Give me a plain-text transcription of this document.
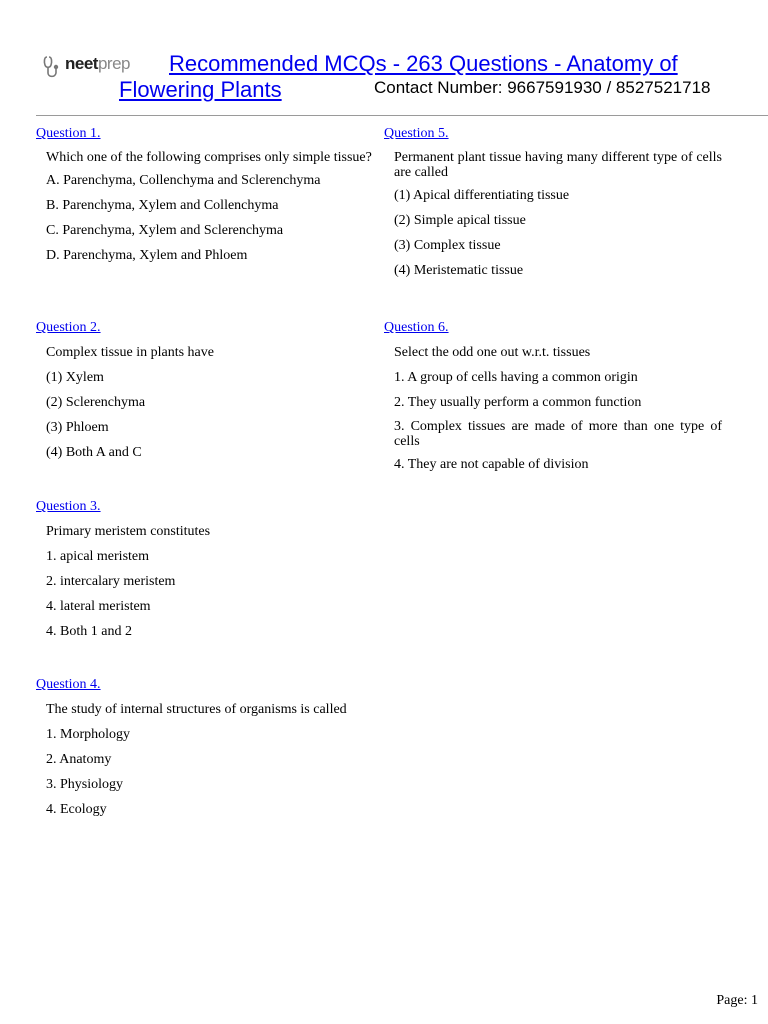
neetprep Recommended MCQs - 263 Questions - Anatomy of
Flowering Plants	Contact Number: 9667591930 / 8527521718
Question 1.
Which one of the following comprises only simple tissue?
A. Parenchyma, Collenchyma and Sclerenchyma
B. Parenchyma, Xylem and Collenchyma
C. Parenchyma, Xylem and Sclerenchyma
D. Parenchyma, Xylem and Phloem
Question 2.
Complex tissue in plants have
(1) Xylem
(2) Sclerenchyma
(3) Phloem
(4) Both A and C
Question 3.
Primary meristem constitutes
1. apical meristem
2. intercalary meristem
4. lateral meristem
4. Both 1 and 2
Question 4.
The study of internal structures of organisms is called
1. Morphology
2. Anatomy
3. Physiology
4. Ecology
Question 5.
Permanent plant tissue having many different type of cells are called
(1) Apical differentiating tissue
(2) Simple apical tissue
(3) Complex tissue
(4) Meristematic tissue
Question 6.
Select the odd one out w.r.t. tissues
1. A group of cells having a common origin
2. They usually perform a common function
3. Complex tissues are made of more than one type of cells
4. They are not capable of division
Page: 1
